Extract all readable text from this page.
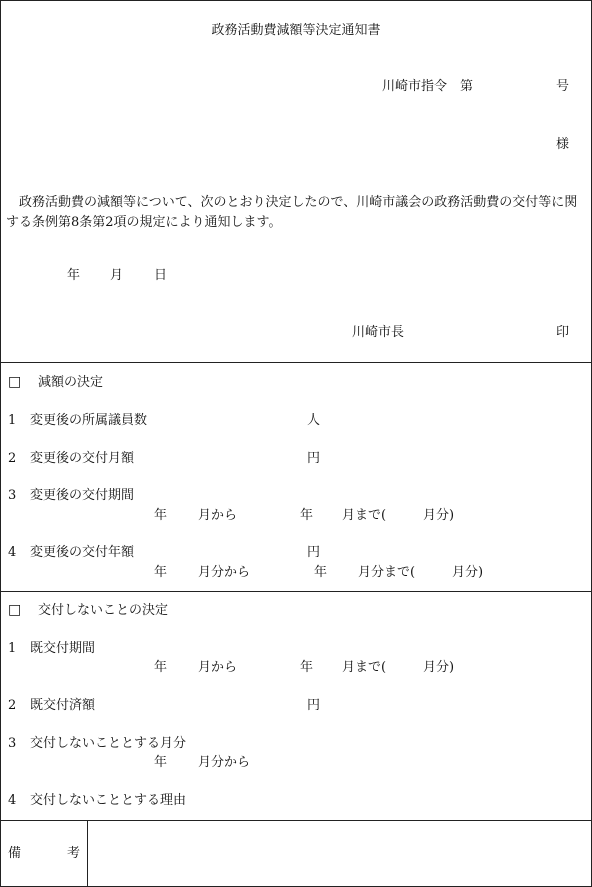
政務活動費減額等決定通知書
川崎市指令　第	号
様
政務活動費の減額等について、次のとおり決定したので、川崎市議会の政務活動費の交付等に関する条例第8条第2項の規定により通知します。
年 月 日
川崎市長	印
□ 減額の決定
1 変更後の所属議員数	人
2 変更後の交付月額	円
3 変更後の交付期間
年 月から	年 月まで(	月分)
4 変更後の交付年額	円
年 月分から	年 月分まで(	月分)
□ 交付しないことの決定
1 既交付期間
年 月から	年 月まで(	月分)
2 既交付済額	円
3 交付しないこととする月分
年 月分から
4 交付しないこととする理由
備	考
